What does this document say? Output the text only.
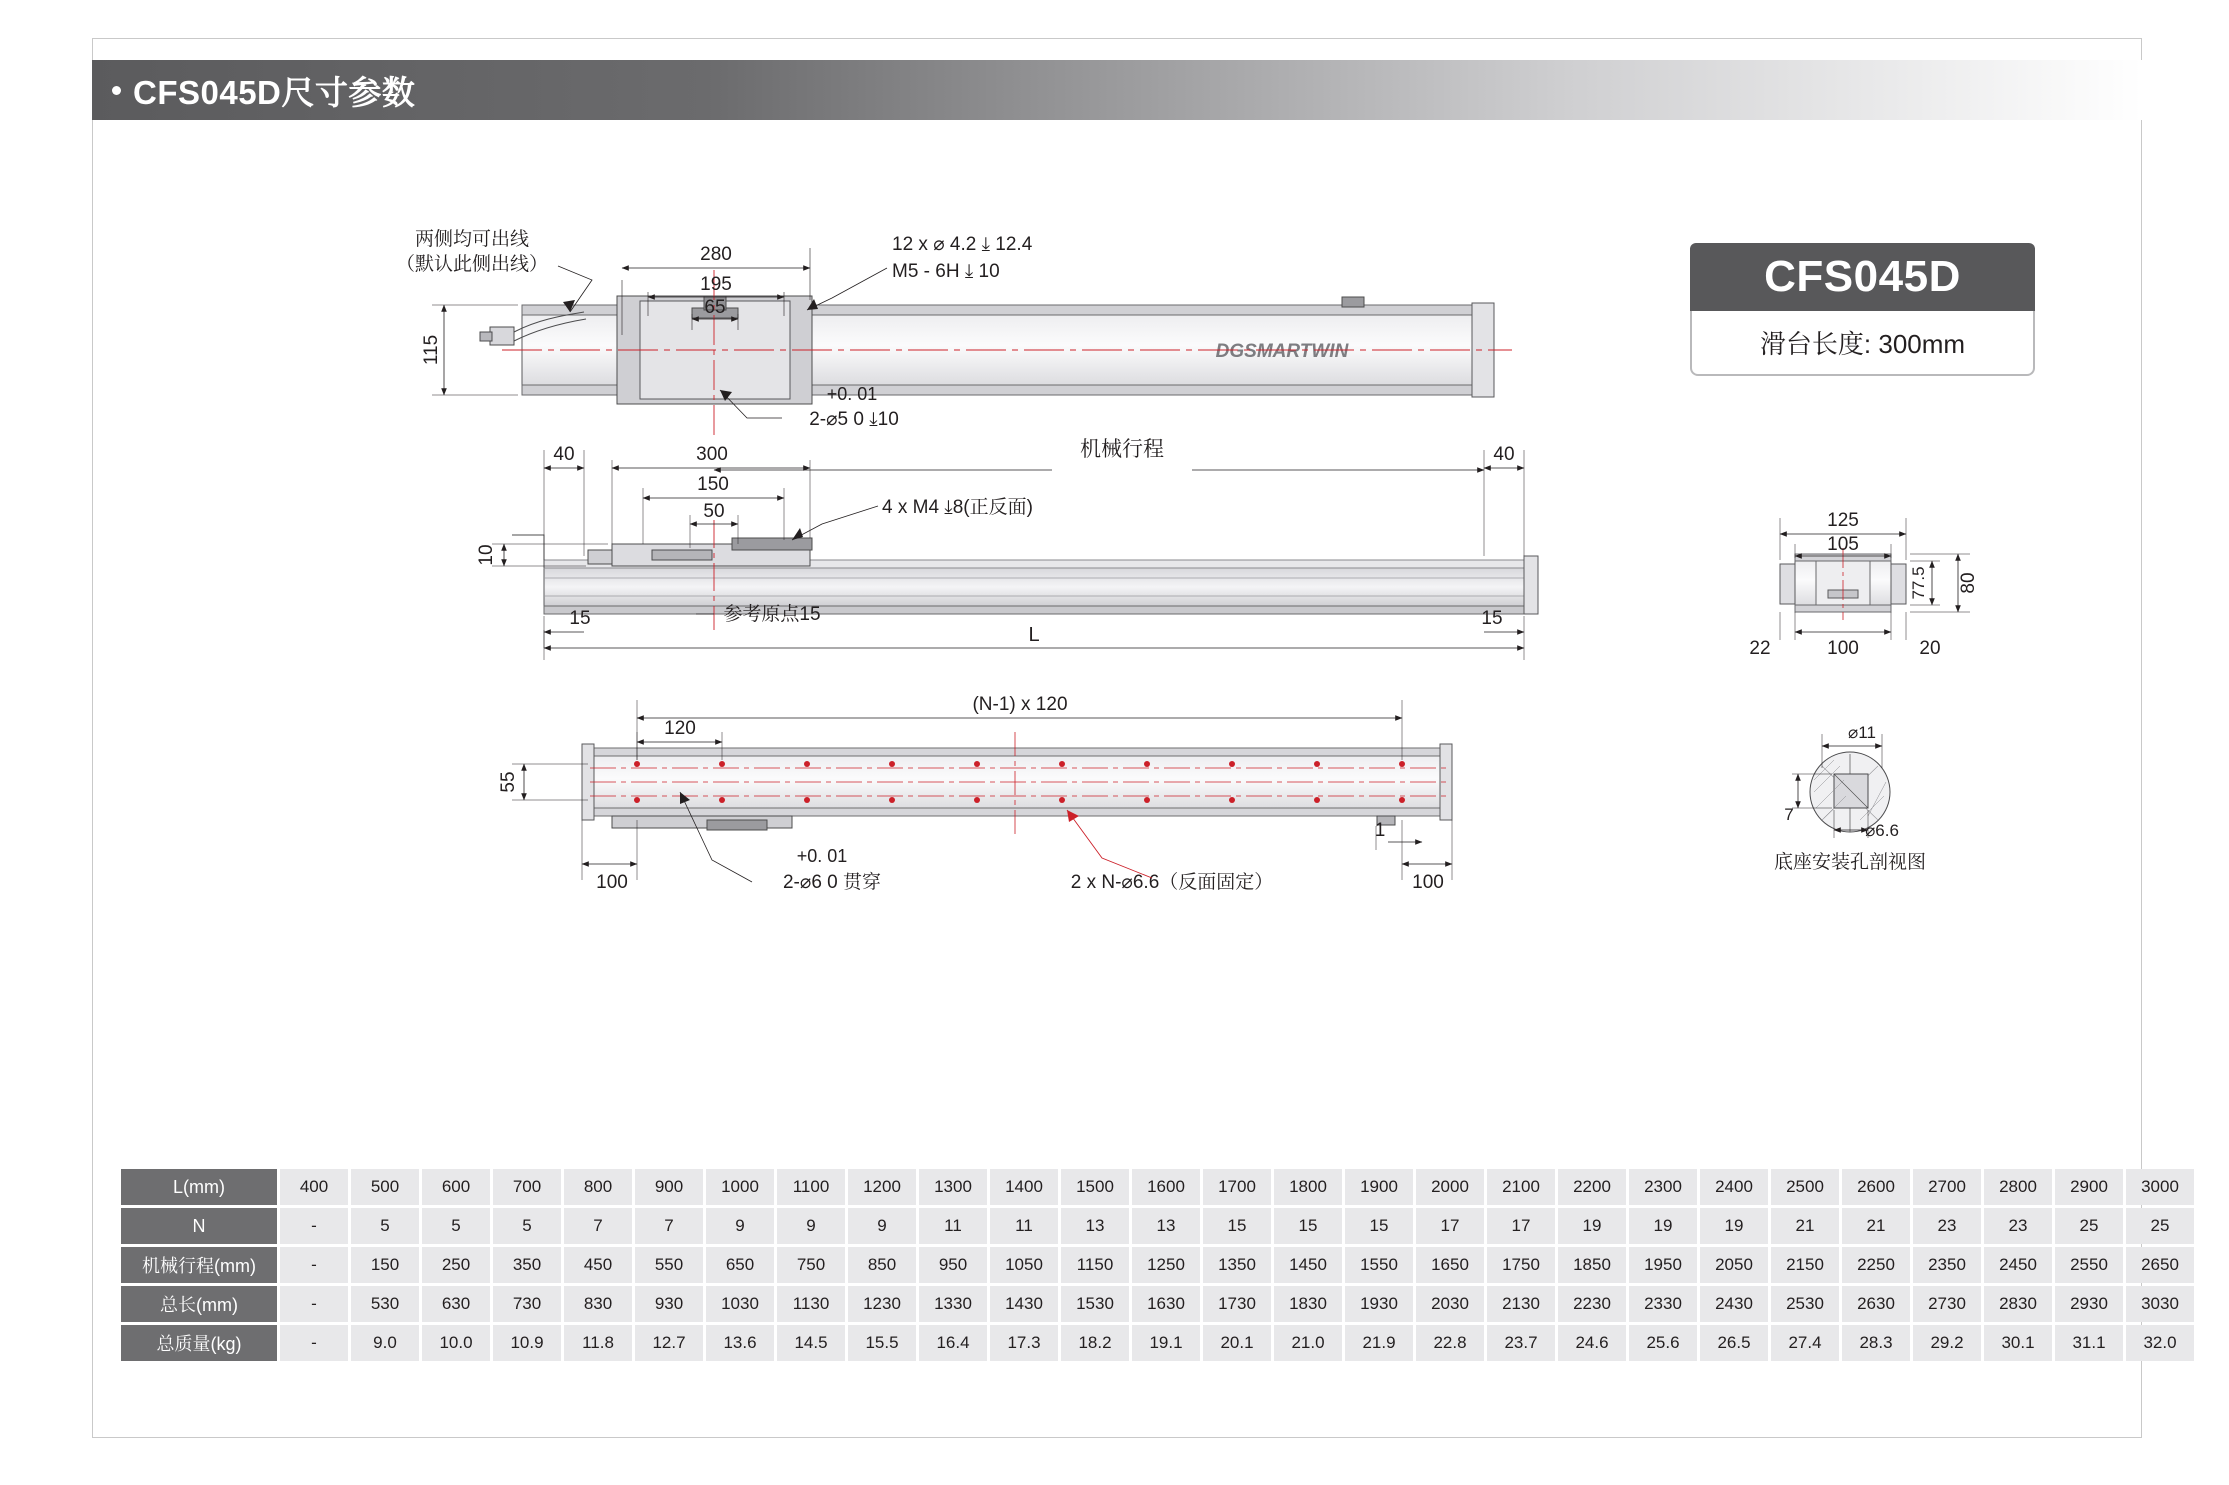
CFS045D尺寸参数
CFS045D
滑台长度: 300mm
DGSMARTWIN
280
195
65
115
两侧均可出线
（默认此侧出线）
12 x ⌀ 4.2 ⤓ 12.4
M5 - 6H ⤓ 10
+0. 01
2-⌀5 0 ⤓10
40	40
300
150
50
10
机械行程
4 x M4 ⤓8(正反面)
参考原点15
L
15	15
(N-1) x 120
120
55
100	100
1
+0. 01
2-⌀6 0 贯穿	2 x N-⌀6.6（反面固定）
125
105
80
77.5
100
22	20
⌀11
⌀6.6
7
底座安装孔剖视图
L(mm)	400	500	600	700	800	900	1000	1100	1200	1300	1400	1500	1600	1700	1800	1900	2000	2100	2200	2300	2400	2500	2600	2700	2800	2900	3000
N	-	5	5	5	7	7	9	9	9	11	11	13	13	15	15	15	17	17	19	19	19	21	21	23	23	25	25
机械行程(mm)	-	150	250	350	450	550	650	750	850	950	1050	1150	1250	1350	1450	1550	1650	1750	1850	1950	2050	2150	2250	2350	2450	2550	2650
总长(mm)	-	530	630	730	830	930	1030	1130	1230	1330	1430	1530	1630	1730	1830	1930	2030	2130	2230	2330	2430	2530	2630	2730	2830	2930	3030
总质量(kg)	-	9.0	10.0	10.9	11.8	12.7	13.6	14.5	15.5	16.4	17.3	18.2	19.1	20.1	21.0	21.9	22.8	23.7	24.6	25.6	26.5	27.4	28.3	29.2	30.1	31.1	32.0
